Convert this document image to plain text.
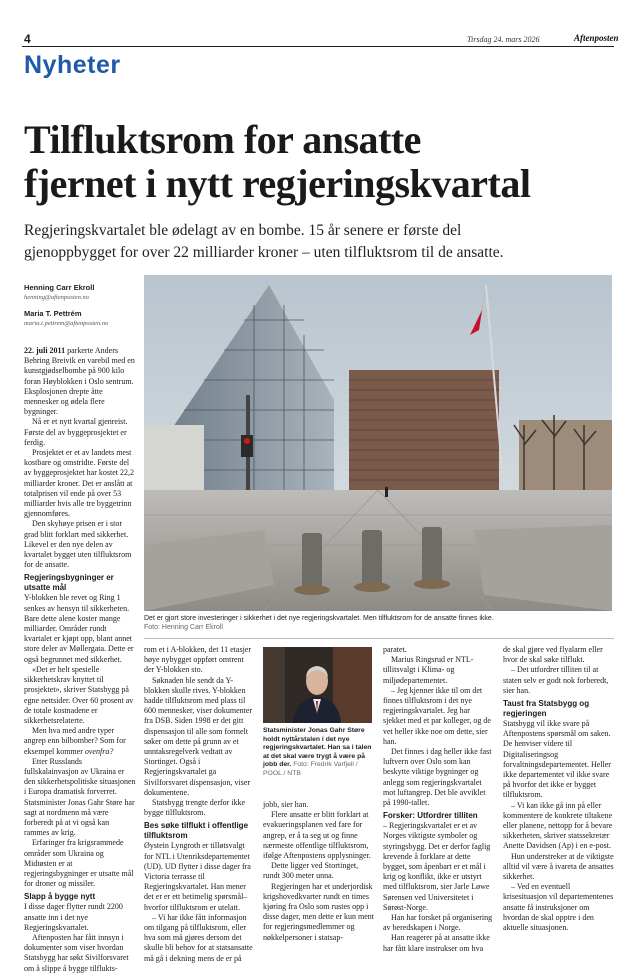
4	Tirsdag 24. mars 2026	Aftenposten
Nyheter
Tilfluktsrom for ansatte
fjernet i nytt regjeringskvartal

Regjeringskvartalet ble ødelagt av en bombe. 15 år senere er første del
gjenoppbygget for over 22 milliarder kroner – uten tilfluktsrom til de ansatte.

Henning Carr Ekroll
henning@aftenposten.no
Maria T. Pettrém
maria.t.pettrem@aftenposten.no

22. juli 2011 parkerte Anders Behring Breivik en varebil med en kunstgjødselbombe på 900 kilo foran Høyblokken i Oslo sentrum. Eksplosjonen drepte åtte mennesker og ødela flere bygninger.

Nå er et nytt kvartal gjenreist. Første del av byggeprosjektet er ferdig.

Prosjektet er et av landets mest kostbare og omstridte. Første del av byggeprosjektet har kostet 22,2 milliarder kroner. Det er anslått at totalprisen vil ende på over 53 milliarder hvis alle tre byggetrinn gjennomføres.

Den skyhøye prisen er i stor grad blitt forklart med sikkerhet. Likevel er den nye delen av kvartalet bygget uten tilfluktsrom for de ansatte.

Regjeringsbygninger er utsatte mål

Y-blokken ble revet og Ring 1 senkes av hensyn til sikkerheten. Bare dette alene koster mange milliarder. Områder rundt kvartalet er kjøpt opp, blant annet store deler av Møllergata. Dette er også begrunnet med sikkerhet.

«Det er helt spesielle sikkerhetskrav knyttet til prosjektet», skriver Statsbygg på egne nettsider. Over 60 prosent av de totale kostnadene er sikkerhetsrelaterte.

Men hva med andre typer angrep enn bilbomber? Som for eksempel kommer ovenfra?

Etter Russlands fullskalainvasjon av Ukraina er den sikkerhetspolitiske situasjonen i Europa dramatisk forverret. Statsminister Jonas Gahr Støre har sagt at nordmenn må være forberedt på at vi også kan rammes av krig.

Erfaringer fra krigsrammede områder som Ukraina og Midtøsten er at regjeringsbygninger er utsatte mål for droner og missiler.

Slapp å bygge nytt

I disse dager flytter rundt 2200 ansatte inn i det nye Regjeringskvartalet.

Aftenposten har fått innsyn i dokumenter som viser hvordan Statsbygg har søkt Sivilforsvaret om å slippe å bygge tilflukts-

Det er gjort store investeringer i sikkerhet i det nye regjeringskvartalet. Men tilfluktsrom for de ansatte finnes ikke.
Foto: Henning Carr Ekroll

rom et i A-blokken, det 11 etasjer høye nybygget oppført omtrent der Y-blokken sto.

Søknaden ble sendt da Y-blokken skulle rives. Y-blokken hadde tilfluktsrom med plass til 600 mennesker, viser dokumenter fra DSB. Siden 1998 er det gitt dispensasjon til alle som formelt søker om dette på grunn av et unntaksregelverk vedtatt av Stortinget. Også i Regjeringskvartalet ga Sivilforsvaret dispensasjon, viser dokumentene.

Statsbygg trengte derfor ikke bygge tilfluktsrom.

Bes søke tilflukt i offentlige tilfluktsrom

Øystein Lyngroth er tilløtsvalgt for NTL i Utenriksdepartementet (UD). UD flytter i disse dager fra Victoria terrasse til Regjeringskvartalet. Han mener det er er ett betimelig spørsmål– hvorfor tilfluktsrom er utelatt.

– Vi har ikke fått informasjon om tilgang på tilfluktsrom, eller hva som må gjøres dersom det skulle bli behov for at statsansatte må gå i dekning mens de er på

Statsminister Jonas Gahr Støre holdt nyttårstalen i det nye regjeringskvartalet. Han sa i talen at det skal være trygt å være på jobb der. Foto: Fredrik Varfjell / POOL / NTB

jobb, sier han.

Flere ansatte er blitt forklart at evakueringsplanen ved fare for angrep, er å ta seg ut og finne nærmeste offentlige tilfluktsrom, ifølge Aftenpostens opplysninger.

Dette ligger ved Stortinget, rundt 300 meter unna.

Regjeringen har et underjordisk krigshovedkvarter rundt en times kjøring fra Oslo som rustes opp i disse dager, men dette er kun ment for regjeringsmedlemmer og nøkkelpersoner i statsap-

paratet.

Marius Ringsrud er NTL-tillitsvalgt i Klima- og miljødepartementet.

– Jeg kjenner ikke til om det finnes tilfluktsrom i det nye regjeringskvartalet. Jeg har sjekket med et par kolleger, og de vet heller ikke noe om dette, sier han.

Det finnes i dag heller ikke fast luftvern over Oslo som kan beskytte viktige bygninger og anlegg som regjeringskvartalet mot luftangrep. Det ble avviklet på 1990-tallet.

Forsker: Utfordrer tilliten

– Regjeringskvartalet er et av Norges viktigste symboler og styringsbygg. Det er derfor faglig krevende å forklare at dette bygget, som åpenbart er et mål i krig og konflikt, ikke er utstyrt med tilfluktsrom, sier Jarle Løwe Sørensen ved Universitetet i Sørøst-Norge.

Han har forsket på organisering av beredskapen i Norge.

Han reagerer på at ansatte ikke har fått klare instrukser om hva

de skal gjøre ved flyalarm eller hvor de skal søke tilflukt.

– Det utfordrer tilliten til at staten selv er godt nok forberedt, sier han.

Taust fra Statsbygg og regjeringen

Statsbygg vil ikke svare på Aftenpostens spørsmål om saken. De henviser videre til Digitaliseringsog forvaltningsdepartementet. Heller ikke departementet vil ikke svare på hvorfor det ikke er bygget tilfluktsrom.

– Vi kan ikke gå inn på eller kommentere de konkrete tiltakene eller planene, nettopp for å bevare sikkerheten, skriver statssekretær Anette Davidsen (Ap) i en e-post.

Hun understreker at de viktigste alltid vil være å ivareta de ansattes sikkerhet.

– Ved en eventuell krisesituasjon vil departementenes ansatte få instruksjoner om hvordan de skal opptre i den aktuelle situasjonen.
